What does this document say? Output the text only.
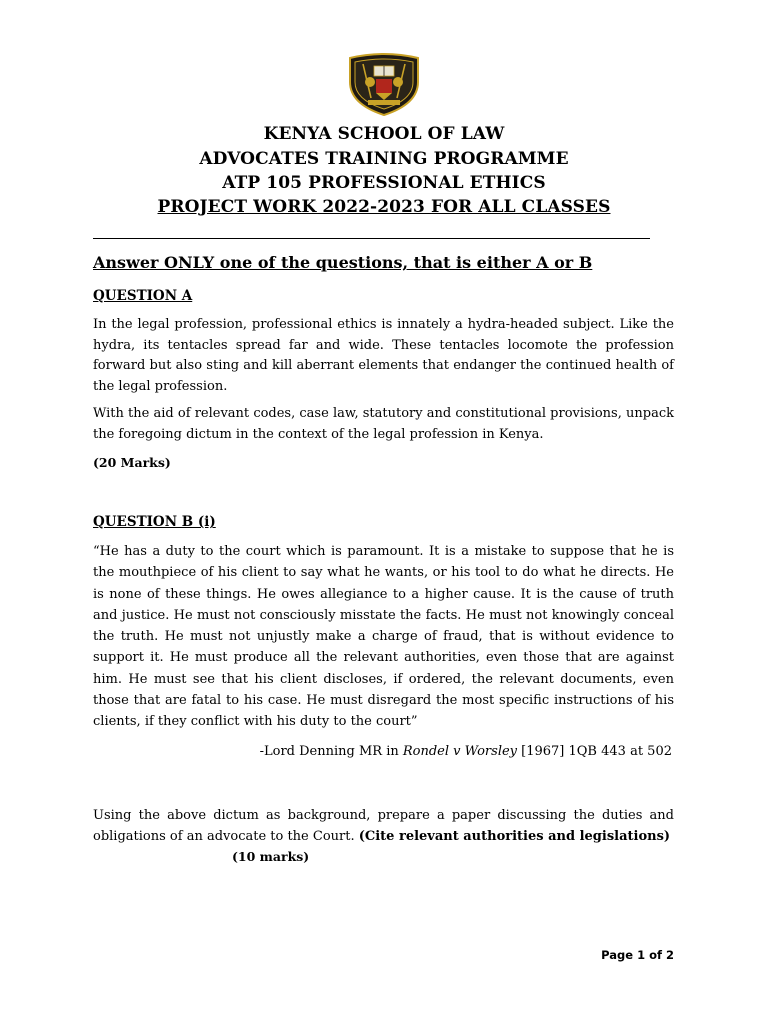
KENYA SCHOOL OF LAW
ADVOCATES TRAINING PROGRAMME
ATP 105 PROFESSIONAL ETHICS
PROJECT WORK 2022-2023 FOR ALL CLASSES
Answer ONLY one of the questions, that is either A or B
QUESTION A
In the legal profession, professional ethics is innately a hydra-headed subject. Like the hydra, its tentacles spread far and wide. These tentacles locomote the profession forward but also sting and kill aberrant elements that endanger the continued health of the legal profession.
With the aid of relevant codes, case law, statutory and constitutional provisions, unpack the foregoing dictum in the context of the legal profession in Kenya.
(20 Marks)
QUESTION B (i)
“He has a duty to the court which is paramount. It is a mistake to suppose that he is the mouthpiece of his client to say what he wants, or his tool to do what he directs. He is none of these things. He owes allegiance to a higher cause. It is the cause of truth and justice. He must not consciously misstate the facts. He must not knowingly conceal the truth. He must not unjustly make a charge of fraud, that is without evidence to support it. He must produce all the relevant authorities, even those that are against him. He must see that his client discloses, if ordered, the relevant documents, even those that are fatal to his case. He must disregard the most specific instructions of his clients, if they conflict with his duty to the court”
-Lord Denning MR in Rondel v Worsley [1967] 1QB 443 at 502
Using the above dictum as background, prepare a paper discussing the duties and obligations of an advocate to the Court. (Cite relevant authorities and legislations)
(10 marks)
Page 1 of 2
